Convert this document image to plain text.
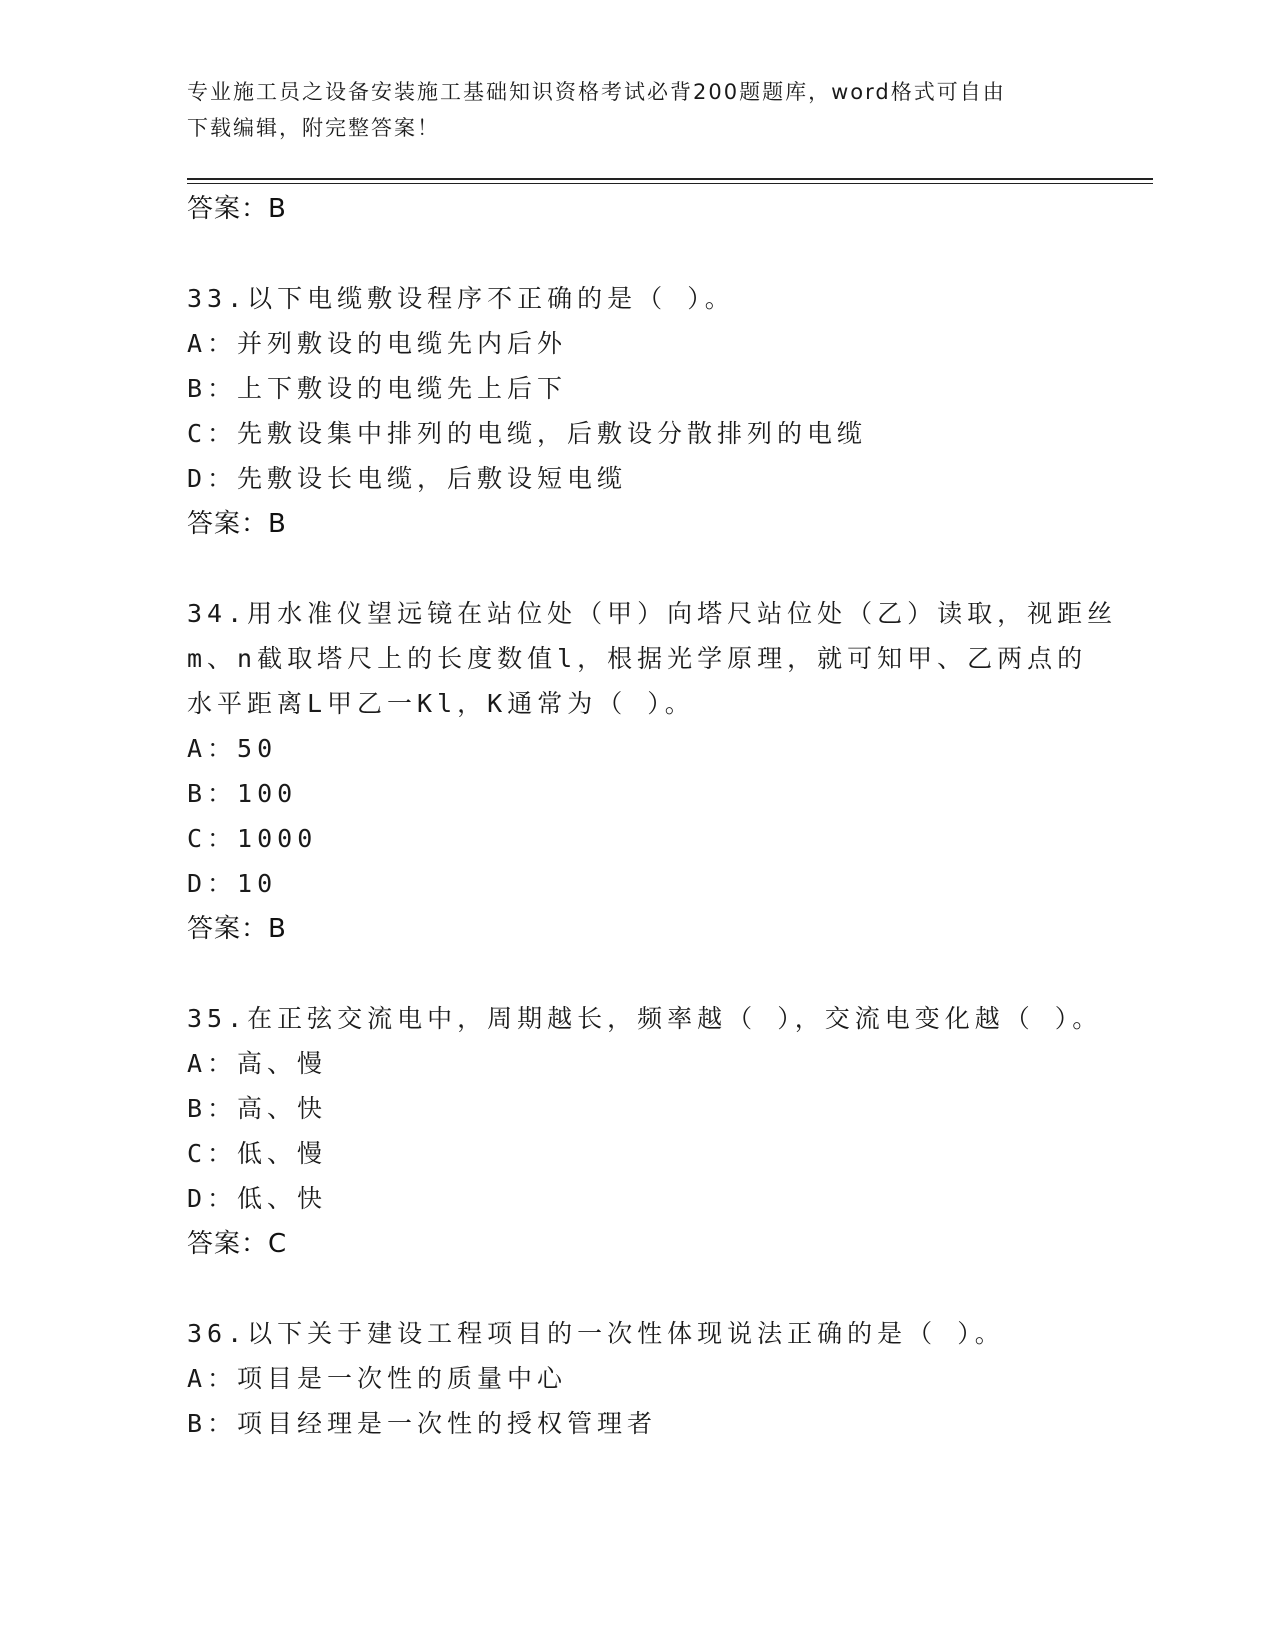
专业施工员之设备安装施工基础知识资格考试必背200题题库，word格式可自由
下载编辑，附完整答案！
答案：B
33.以下电缆敷设程序不正确的是（ ）。
A：并列敷设的电缆先内后外
B：上下敷设的电缆先上后下
C：先敷设集中排列的电缆，后敷设分散排列的电缆
D：先敷设长电缆，后敷设短电缆
答案：B
34.用水准仪望远镜在站位处（甲）向塔尺站位处（乙）读取，视距丝
m、n截取塔尺上的长度数值l，根据光学原理，就可知甲、乙两点的
水平距离L甲乙一Kl，K通常为（ ）。
A：50
B：100
C：1000
D：10
答案：B
35.在正弦交流电中，周期越长，频率越（ ），交流电变化越（ ）。
A：高、慢
B：高、快
C：低、慢
D：低、快
答案：C
36.以下关于建设工程项目的一次性体现说法正确的是（ ）。
A：项目是一次性的质量中心
B：项目经理是一次性的授权管理者
